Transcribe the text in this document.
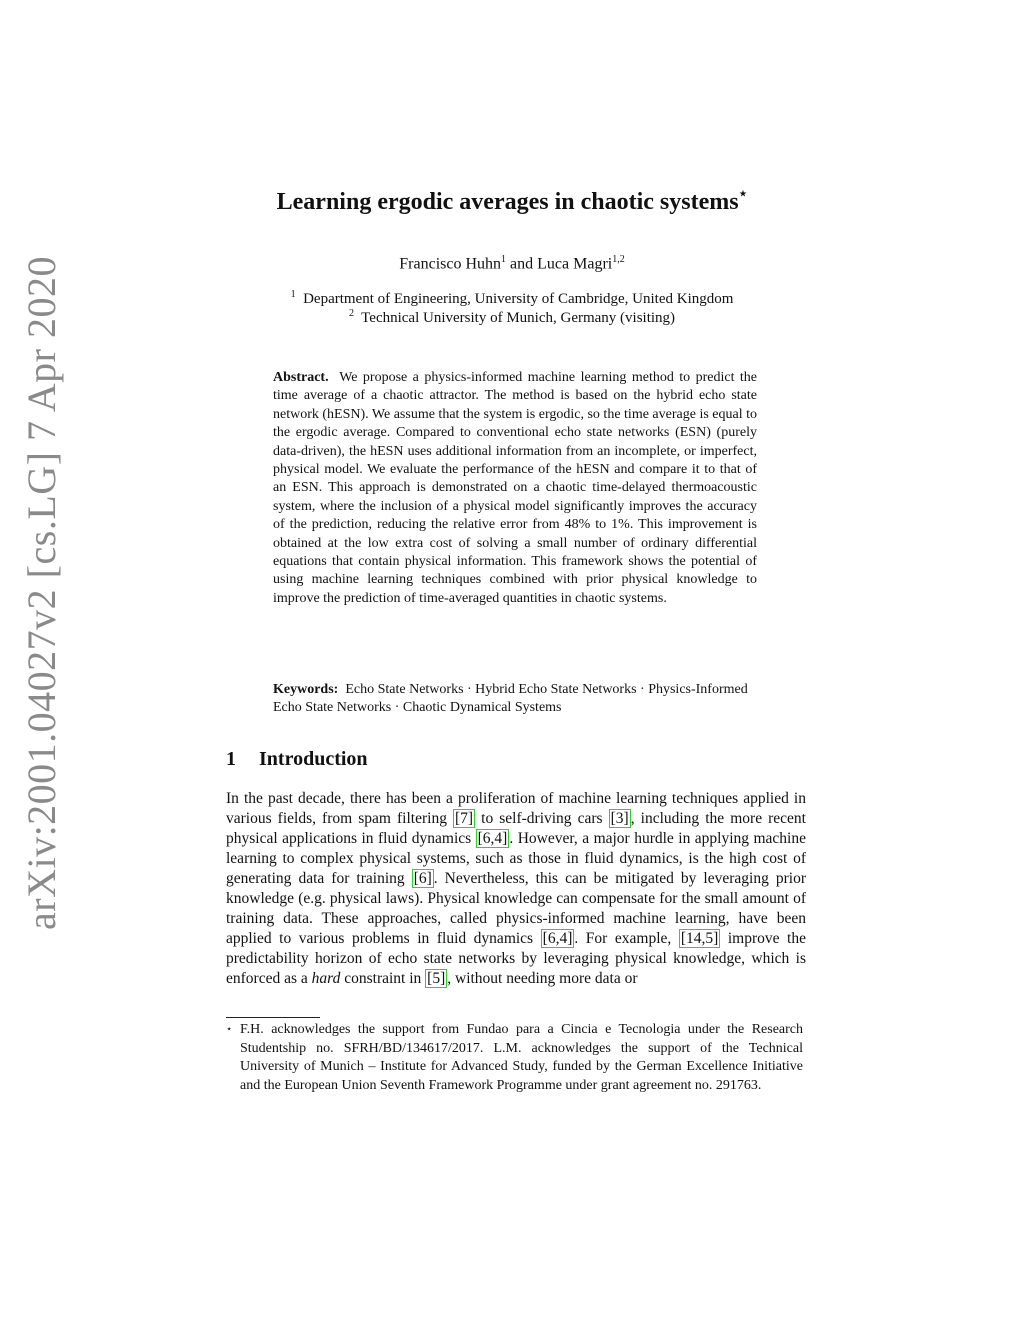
arXiv:2001.04027v2 [cs.LG] 7 Apr 2020
Learning ergodic averages in chaotic systems⋆
Francisco Huhn$^1$ and Luca Magri$^{1,2}$
$^1$ Department of Engineering, University of Cambridge, United Kingdom
$^2$ Technical University of Munich, Germany (visiting)
Abstract. We propose a physics-informed machine learning method to predict the time average of a chaotic attractor. The method is based on the hybrid echo state network (hESN). We assume that the system is ergodic, so the time average is equal to the ergodic average. Compared to conventional echo state networks (ESN) (purely data-driven), the hESN uses additional information from an incomplete, or imperfect, physical model. We evaluate the performance of the hESN and compare it to that of an ESN. This approach is demonstrated on a chaotic time-delayed thermoacoustic system, where the inclusion of a physical model significantly improves the accuracy of the prediction, reducing the relative error from 48% to 1%. This improvement is obtained at the low extra cost of solving a small number of ordinary differential equations that contain physical information. This framework shows the potential of using machine learning techniques combined with prior physical knowledge to improve the prediction of time-averaged quantities in chaotic systems.
Keywords: Echo State Networks · Hybrid Echo State Networks · Physics-Informed Echo State Networks · Chaotic Dynamical Systems
1 Introduction
In the past decade, there has been a proliferation of machine learning techniques applied in various fields, from spam filtering [7] to self-driving cars [3] , including the more recent physical applications in fluid dynamics [6,4] . However, a major hurdle in applying machine learning to complex physical systems, such as those in fluid dynamics, is the high cost of generating data for training [6] . Nevertheless, this can be mitigated by leveraging prior knowledge (e.g. physical laws). Physical knowledge can compensate for the small amount of training data. These approaches, called physics-informed machine learning, have been applied to various problems in fluid dynamics [6,4] . For example, [14,5] improve the predictability horizon of echo state networks by leveraging physical knowledge, which is enforced as a hard constraint in [5] , without needing more data or
⋆ F.H. acknowledges the support from Fundao para a Cincia e Tecnologia under the Research Studentship no. SFRH/BD/134617/2017. L.M. acknowledges the support of the Technical University of Munich – Institute for Advanced Study, funded by the German Excellence Initiative and the European Union Seventh Framework Programme under grant agreement no. 291763.
